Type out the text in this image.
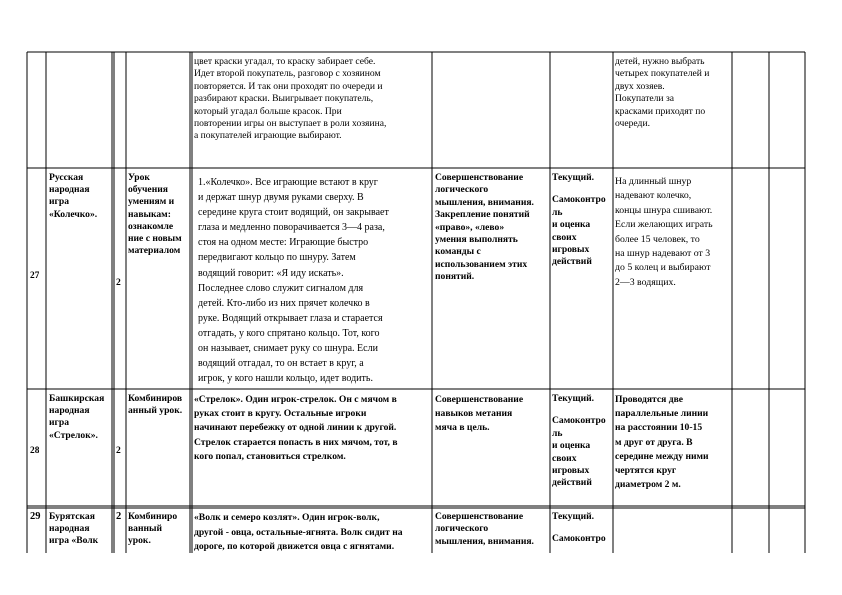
цвет краски угадал, то краску забирает себе.
Идет второй покупатель, разговор с хозяином
повторяется. И так они проходят по очереди и
разбирают краски. Выигрывает покупатель,
который угадал больше красок. При
повторении игры он выступает в роли хозяина,
а покупателей играющие выбирают.
детей, нужно выбрать
четырех покупателей и
двух хозяев.
Покупатели за
красками приходят по
очереди.
27
Русская
народная
игра
«Колечко».
2
Урок
обучения
умениям и
навыкам:
ознакомле
ние с новым
материалом
1.«Колечко». Все играющие встают в круг
и держат шнур двумя руками сверху. В
середине круга стоит водящий, он закрывает
глаза и медленно поворачивается 3—4 раза,
стоя на одном месте: Играющие быстро
передвигают кольцо по шнуру. Затем
водящий говорит: «Я иду искать».
Последнее слово служит сигналом для
детей. Кто-либо из них прячет колечко в
руке. Водящий открывает глаза и старается
отгадать, у кого спрятано кольцо. Тот, кого
он называет, снимает руку со шнура. Если
водящий отгадал, то он встает в круг, а
игрок, у кого нашли кольцо, идет водить.
Совершенствование
логического
мышления, внимания.
Закрепление понятий
«право», «лево»
умения выполнять
команды с
использованием этих
понятий.
Текущий.
Самоконтро
ль
и оценка
своих
игровых
действий
На длинный шнур
надевают колечко,
концы шнура сшивают.
Если желающих играть
более 15 человек, то
на шнур надевают от 3
до 5 колец и выбирают
2—3 водящих.
28
Башкирская
народная
игра
«Стрелок».
2
Комбиниров
анный урок.
«Стрелок». Один игрок-стрелок. Он с мячом в
руках стоит в кругу. Остальные игроки
начинают перебежку от одной линии к другой.
Стрелок старается попасть в них мячом, тот, в
кого попал, становиться стрелком.
Совершенствование
навыков метания
мяча в цель.
Текущий.
Самоконтро
ль
и оценка
своих
игровых
действий
Проводятся две
параллельные линии
на расстоянии 10-15
м друг от друга. В
середине между ними
чертятся круг
диаметром 2 м.
29 Бурятская
народная
игра «Волк
2 Комбиниро
ванный
урок.
«Волк и семеро козлят». Один игрок-волк,
другой - овца, остальные-ягнята. Волк сидит на
дороге, по которой движется овца с ягнятами.
Совершенствование
логического
мышления, внимания.
Текущий.
Самоконтро
